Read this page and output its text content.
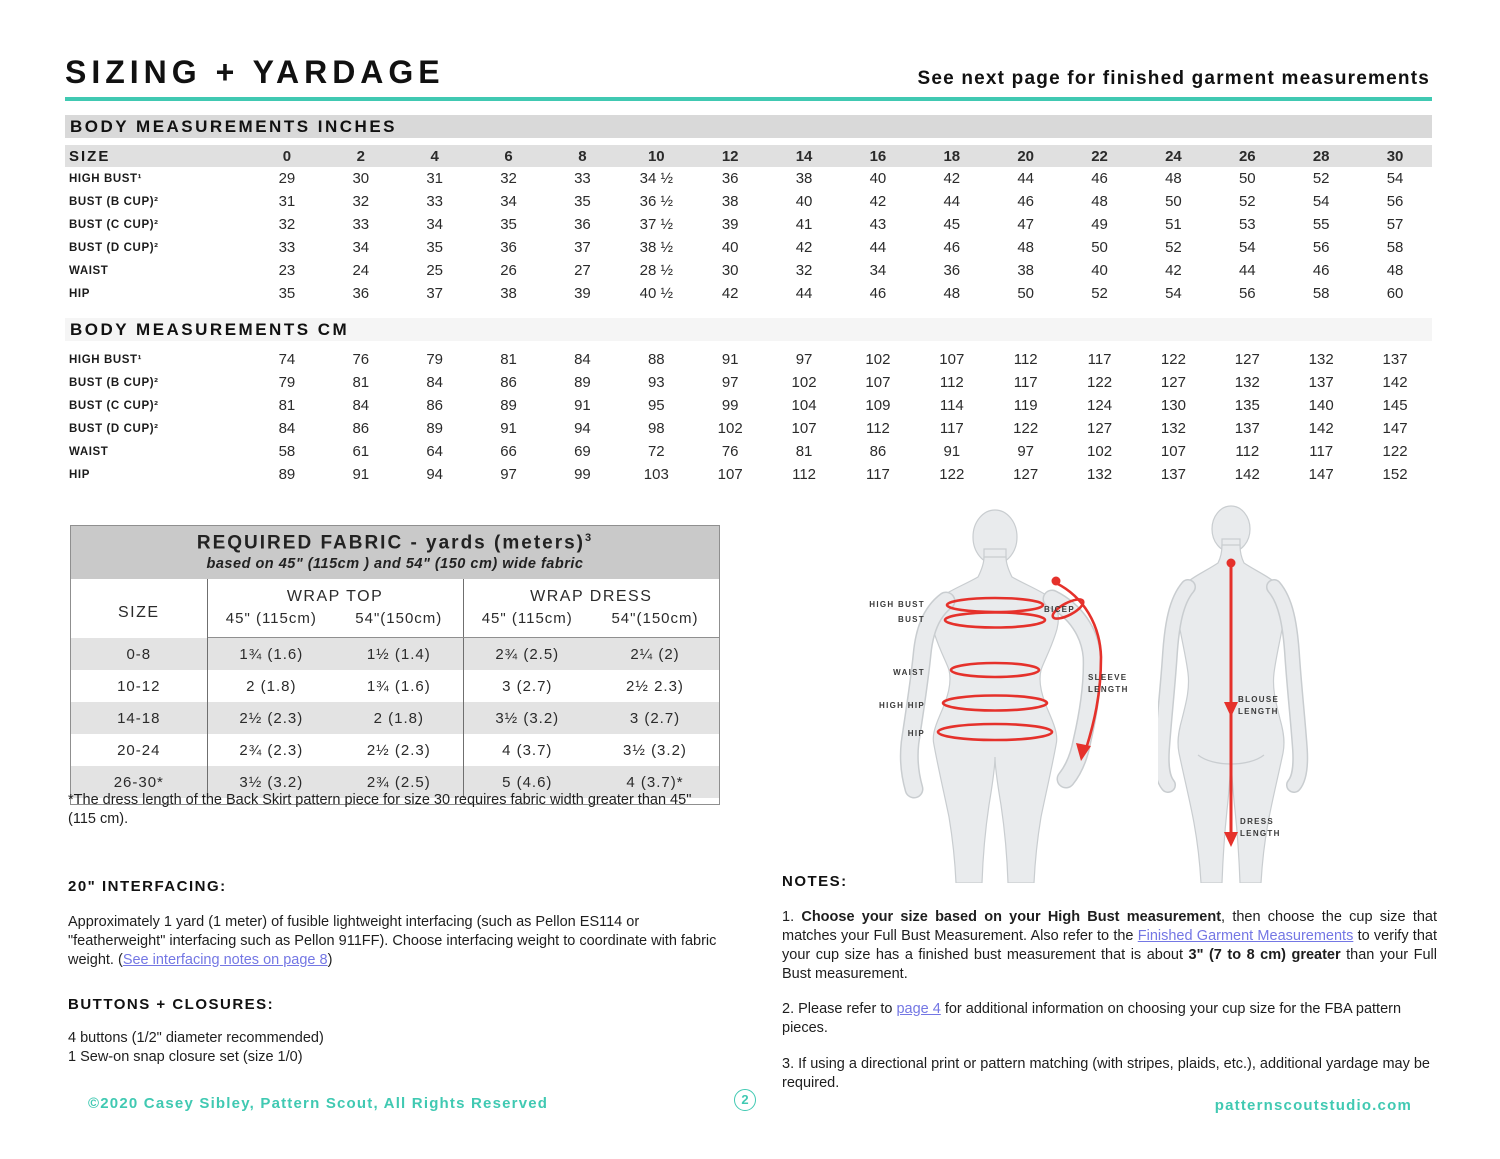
SIZING + YARDAGE	See next page for finished garment measurements
BODY MEASUREMENTS INCHES
SIZE	0	2	4	6	8	10	12	14	16	18	20	22	24	26	28	30
HIGH BUST¹	29	30	31	32	33	34 ½	36	38	40	42	44	46	48	50	52	54
BUST (B CUP)²	31	32	33	34	35	36 ½	38	40	42	44	46	48	50	52	54	56
BUST (C CUP)²	32	33	34	35	36	37 ½	39	41	43	45	47	49	51	53	55	57
BUST (D CUP)²	33	34	35	36	37	38 ½	40	42	44	46	48	50	52	54	56	58
WAIST	23	24	25	26	27	28 ½	30	32	34	36	38	40	42	44	46	48
HIP	35	36	37	38	39	40 ½	42	44	46	48	50	52	54	56	58	60
BODY MEASUREMENTS CM
HIGH BUST¹	74	76	79	81	84	88	91	97	102	107	112	117	122	127	132	137
BUST (B CUP)²	79	81	84	86	89	93	97	102	107	112	117	122	127	132	137	142
BUST (C CUP)²	81	84	86	89	91	95	99	104	109	114	119	124	130	135	140	145
BUST (D CUP)²	84	86	89	91	94	98	102	107	112	117	122	127	132	137	142	147
WAIST	58	61	64	66	69	72	76	81	86	91	97	102	107	112	117	122
HIP	89	91	94	97	99	103	107	112	117	122	127	132	137	142	147	152
REQUIRED FABRIC - yards (meters)$^3$
based on 45" (115cm ) and 54" (150 cm) wide fabric
SIZE	WRAP TOP		WRAP DRESS	
	45" (115cm)	54"(150cm)	45" (115cm)	54"(150cm)
0-8	1¾ (1.6)	1½ (1.4)	2¾ (2.5)	2¼ (2)
10-12	2 (1.8)	1¾ (1.6)	3 (2.7)	2½ 2.3)
14-18	2½ (2.3)	2 (1.8)	3½ (3.2)	3 (2.7)
20-24	2¾ (2.3)	2½ (2.3)	4 (3.7)	3½ (3.2)
26-30*	3½ (3.2)	2¾ (2.5)	5 (4.6)	4 (3.7)*
*The dress length of the Back Skirt pattern piece for size 30 requires fabric width greater than 45" (115 cm).
20" INTERFACING:
Approximately 1 yard (1 meter) of fusible lightweight interfacing (such as Pellon ES114 or "featherweight" interfacing such as Pellon 911FF). Choose interfacing weight to coordinate with fabric weight. (See interfacing notes on page 8)
BUTTONS + CLOSURES:
4 buttons (1/2" diameter recommended)
1 Sew-on snap closure set (size 1/0)
HIGH BUST
BUST
WAIST
HIGH HIP
HIP
BICEP
SLEEVE LENGTH
BLOUSE LENGTH
DRESS LENGTH
NOTES:
1. Choose your size based on your High Bust measurement, then choose the cup size that matches your Full Bust Measurement. Also refer to the Finished Garment Measurements to verify that your cup size has a finished bust measurement that is about 3" (7 to 8 cm) greater than your Full Bust measurement.
2. Please refer to page 4 for additional information on choosing your cup size for the FBA pattern pieces.
3. If using a directional print or pattern matching (with stripes, plaids, etc.), additional yardage may be required.
©2020 Casey Sibley, Pattern Scout, All Rights Reserved	2	patternscoutstudio.com
